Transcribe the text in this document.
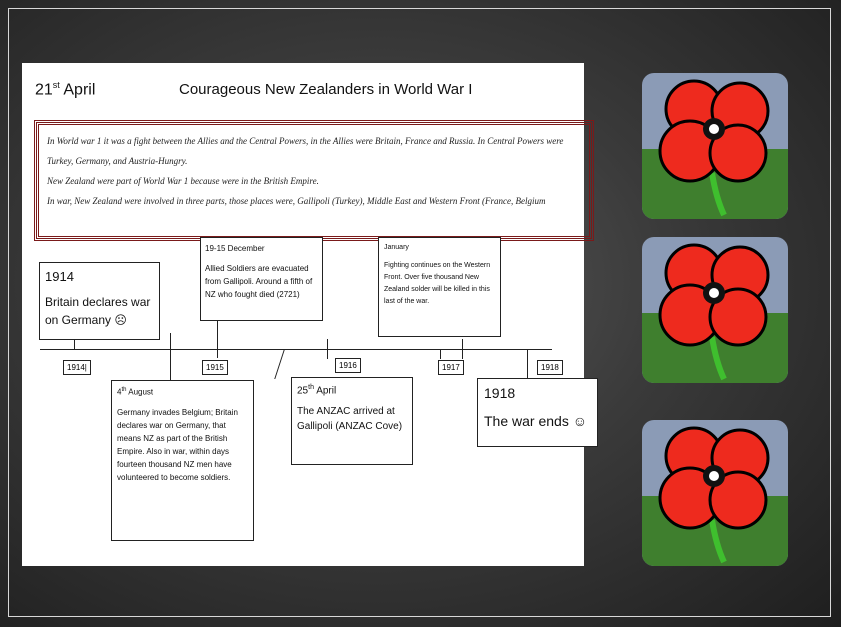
21st April	Courageous New Zealanders in World War I

In World war 1 it was a fight between the Allies and the Central Powers, in the Allies were Britain, France and Russia. In Central Powers were Turkey, Germany, and Austria-Hungry.

New Zealand were part of World War 1 because were in the British Empire.

In war, New Zealand were involved in three parts, those places were, Gallipoli (Turkey), Middle East and Western Front (France, Belgium

1914|	1915	1916	1917	1918
1914
Britain declares war on Germany ☹
19-15 December
Allied Soldiers are evacuated from Gallipoli. Around a fifth of NZ who fought died (2721)
January
Fighting continues on the Western Front. Over five thousand New Zealand solder will be killed in this last of the war.
4th August
Germany invades Belgium; Britain declares war on Germany, that means NZ as part of the British Empire. Also in war, within days fourteen thousand NZ men have volunteered to become soldiers.
25th April
The ANZAC arrived at Gallipoli (ANZAC Cove)
1918
The war ends ☺
